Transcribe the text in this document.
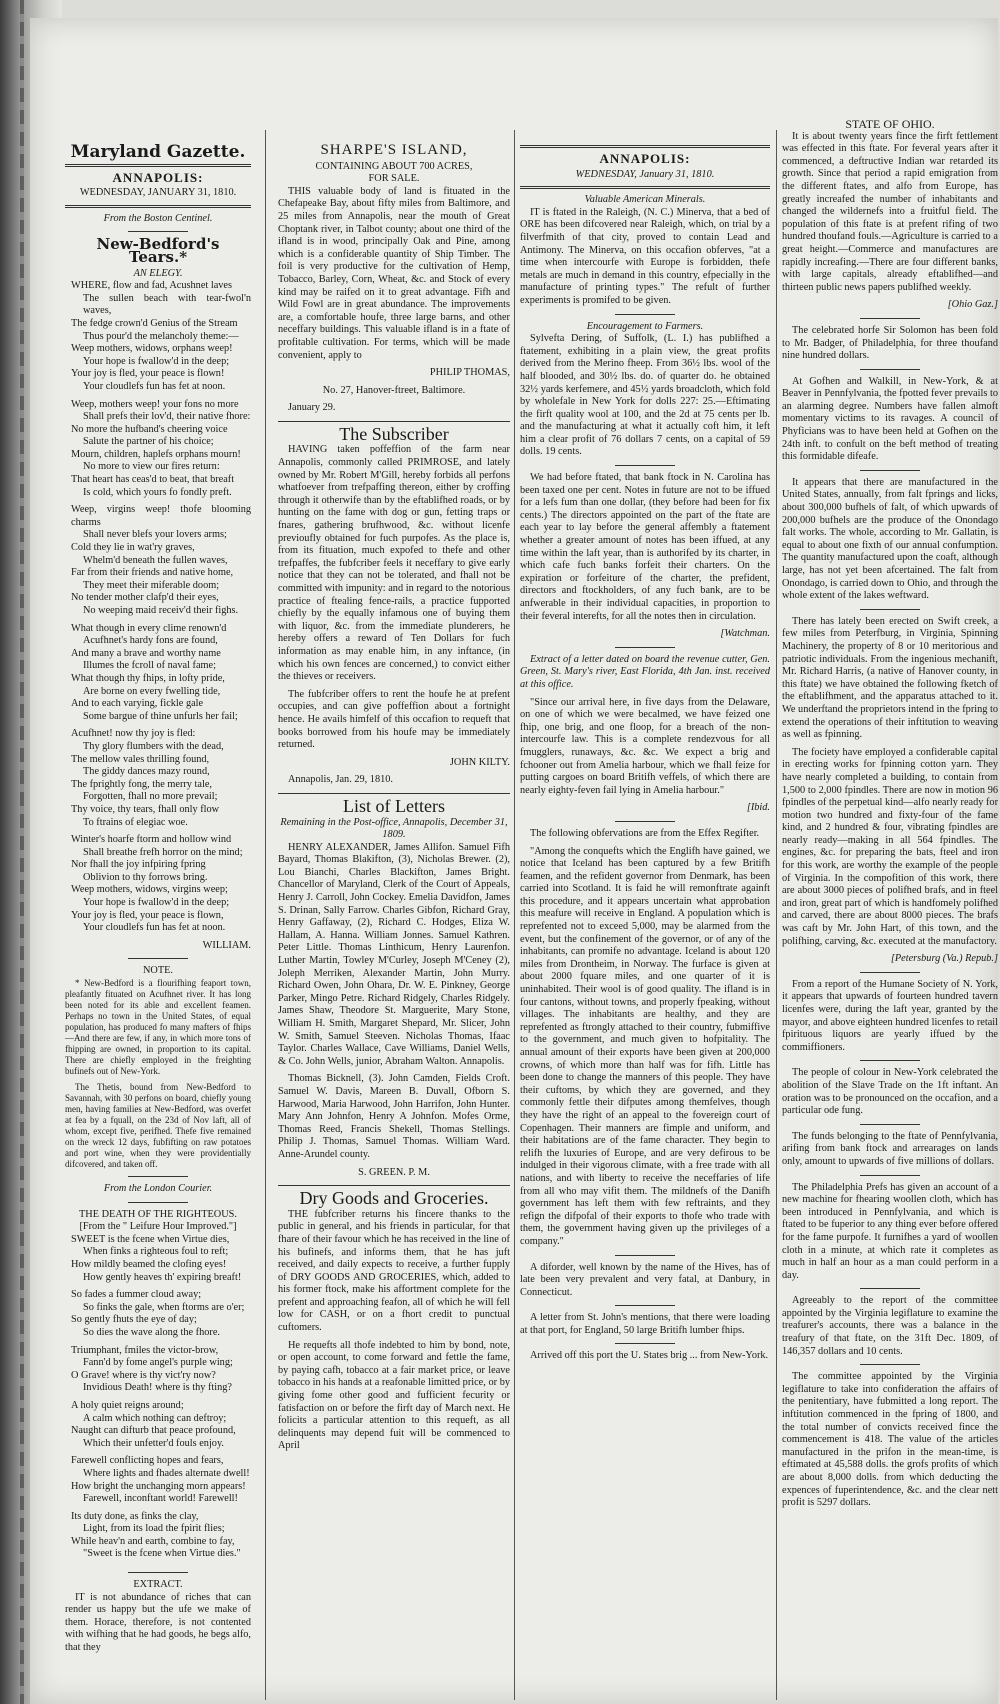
Maryland Gazette.
ANNAPOLIS:
WEDNESDAY, JANUARY 31, 1810.
From the Boston Centinel.
New-Bedford's Tears.*
AN ELEGY.

WHERE, flow and fad, Acushnet laves

The sullen beach with tear-fwol'n waves,

The fedge crown'd Genius of the Stream

Thus pour'd the melancholy theme:—

Weep mothers, widows, orphans weep!

Your hope is fwallow'd in the deep;

Your joy is fled, your peace is flown!

Your cloudlefs fun has fet at noon.

Weep, mothers weep! your fons no more

Shall prefs their lov'd, their native fhore:

No more the hufband's cheering voice

Salute the partner of his choice;

Mourn, children, haplefs orphans mourn!

No more to view our fires return:

That heart has ceas'd to beat, that breaft

Is cold, which yours fo fondly preft.

Weep, virgins weep! thofe blooming charms

Shall never blefs your lovers arms;

Cold they lie in wat'ry graves,

Whelm'd beneath the fullen waves,

Far from their friends and native home,

They meet their miferable doom;

No tender mother clafp'd their eyes,

No weeping maid receiv'd their fighs.

What though in every clime renown'd

Acufhnet's hardy fons are found,

And many a brave and worthy name

Illumes the fcroll of naval fame;

What though thy fhips, in lofty pride,

Are borne on every fwelling tide,

And to each varying, fickle gale

Some bargue of thine unfurls her fail;

Acufhnet! now thy joy is fled:

Thy glory flumbers with the dead,

The mellow vales thrilling found,

The giddy dances mazy round,

The fprightly fong, the merry tale,

Forgotten, fhall no more prevail;

Thy voice, thy tears, fhall only flow

To ftrains of elegiac woe.

Winter's hoarfe ftorm and hollow wind

Shall breathe frefh horror on the mind;

Nor fhall the joy infpiring fpring

Oblivion to thy forrows bring.

Weep mothers, widows, virgins weep;

Your hope is fwallow'd in the deep;

Your joy is fled, your peace is flown,

Your cloudlefs fun has fet at noon.

WILLIAM.

NOTE.

* New-Bedford is a flourifhing feaport town, pleafantly fituated on Acufhnet river. It has long been noted for its able and excellent feamen. Perhaps no town in the United States, of equal population, has produced fo many mafters of fhips—And there are few, if any, in which more tons of fhipping are owned, in proportion to its capital. There are chiefly employed in the freighting bufinefs out of New-York.

The Thetis, bound from New-Bedford to Savannah, with 30 perfons on board, chiefly young men, having families at New-Bedford, was overfet at fea by a fquall, on the 23d of Nov laft, all of whom, except five, perifhed. Thefe five remained on the wreck 12 days, fubfifting on raw potatoes and port wine, when they were providentially difcovered, and taken off.

From the London Courier.
THE DEATH OF THE RIGHTEOUS.
[From the " Leifure Hour Improved."]

SWEET is the fcene when Virtue dies,

When finks a righteous foul to reft;

How mildly beamed the clofing eyes!

How gently heaves th' expiring breaft!

So fades a fummer cloud away;

So finks the gale, when ftorms are o'er;

So gently fhuts the eye of day;

So dies the wave along the fhore.

Triumphant, fmiles the victor-brow,

Fann'd by fome angel's purple wing;

O Grave! where is thy vict'ry now?

Invidious Death! where is thy fting?

A holy quiet reigns around;

A calm which nothing can deftroy;

Naught can difturb that peace profound,

Which their unfetter'd fouls enjoy.

Farewell conflicting hopes and fears,

Where lights and fhades alternate dwell!

How bright the unchanging morn appears!

Farewell, inconftant world! Farewell!

Its duty done, as finks the clay,

Light, from its load the fpirit flies;

While heav'n and earth, combine to fay,

"Sweet is the fcene when Virtue dies."

EXTRACT.

IT is not abundance of riches that can render us happy but the ufe we make of them. Horace, therefore, is not contented with wifhing that he had goods, he begs alfo, that they

SHARPE'S ISLAND,
CONTAINING ABOUT 700 ACRES,
FOR SALE.

THIS valuable body of land is fituated in the Chefapeake Bay, about fifty miles from Baltimore, and 25 miles from Annapolis, near the mouth of Great Choptank river, in Talbot county; about one third of the ifland is in wood, principally Oak and Pine, among which is a confiderable quantity of Ship Timber. The foil is very productive for the cultivation of Hemp, Tobacco, Barley, Corn, Wheat, &c. and Stock of every kind may be raifed on it to great advantage. Fifh and Wild Fowl are in great abundance. The improvements are, a comfortable houfe, three large barns, and other neceffary buildings. This valuable ifland is in a ftate of profitable cultivation. For terms, which will be made convenient, apply to

PHILIP THOMAS,

No. 27, Hanover-ftreet, Baltimore.

January 29.

The Subscriber

HAVING taken poffeffion of the farm near Annapolis, commonly called PRIMROSE, and lately owned by Mr. Robert M'Gill, hereby forbids all perfons whatfoever from trefpaffing thereon, either by croffing through it otherwife than by the eftablifhed roads, or by hunting on the fame with dog or gun, fetting traps or fnares, gathering brufhwood, &c. without licenfe previoufly obtained for fuch purpofes. As the place is, from its fituation, much expofed to thefe and other trefpaffes, the fubfcriber feels it neceffary to give early notice that they can not be tolerated, and fhall not be committed with impunity: and in regard to the notorious practice of ftealing fence-rails, a practice fupported chiefly by the equally infamous one of buying them with liquor, &c. from the immediate plunderers, he hereby offers a reward of Ten Dollars for fuch information as may enable him, in any inftance, (in which his own fences are concerned,) to convict either the thieves or receivers.

The fubfcriber offers to rent the houfe he at prefent occupies, and can give poffeffion about a fortnight hence. He avails himfelf of this occafion to requeft that books borrowed from his houfe may be immediately returned.

JOHN KILTY.

Annapolis, Jan. 29, 1810.

List of Letters
Remaining in the Post-office, Annapolis, December 31, 1809.

HENRY ALEXANDER, James Allifon. Samuel Fifh Bayard, Thomas Blakifton, (3), Nicholas Brewer. (2), Lou Bianchi, Charles Blackifton, James Bright. Chancellor of Maryland, Clerk of the Court of Appeals, Henry J. Carroll, John Cockey. Emelia Davidfon, James S. Drinan, Sally Farrow. Charles Gibfon, Richard Gray, Henry Gaffaway, (2), Richard C. Hodges, Eliza W. Hallam, A. Hanna. William Jonnes. Samuel Kathren. Peter Little. Thomas Linthicum, Henry Laurenfon. Luther Martin, Towley M'Curley, Joseph M'Ceney (2), Joleph Merriken, Alexander Martin, John Murry. Richard Owen, John Ohara, Dr. W. E. Pinkney, George Parker, Mingo Petre. Richard Ridgely, Charles Ridgely. James Shaw, Theodore St. Marguerite, Mary Stone, William H. Smith, Margaret Shepard, Mr. Slicer, John W. Smith, Samuel Steeven. Nicholas Thomas, Ifaac Taylor. Charles Wallace, Cave Williams, Daniel Wells, & Co. John Wells, junior, Abraham Walton. Annapolis.

Thomas Bicknell, (3). John Camden, Fields Croft. Samuel W. Davis, Mareen B. Duvall, Ofborn S. Harwood, Maria Harwood, John Harrifon, John Hunter. Mary Ann Johnfon, Henry A Johnfon. Mofes Orme, Thomas Reed, Francis Shekell, Thomas Stellings. Philip J. Thomas, Samuel Thomas. William Ward. Anne-Arundel county.

S. GREEN. P. M.

Dry Goods and Groceries.

THE fubfcriber returns his fincere thanks to the public in general, and his friends in particular, for that fhare of their favour which he has received in the line of his bufinefs, and informs them, that he has juft received, and daily expects to receive, a further fupply of DRY GOODS AND GROCERIES, which, added to his former ftock, make his affortment complete for the prefent and approaching feafon, all of which he will fell low for CASH, or on a fhort credit to punctual cuftomers.

He requefts all thofe indebted to him by bond, note, or open account, to come forward and fettle the fame, by paying cafh, tobacco at a fair market price, or leave tobacco in his hands at a reafonable limitted price, or by giving fome other good and fufficient fecurity or fatisfaction on or before the firft day of March next. He folicits a particular attention to this requeft, as all delinquents may depend fuit will be commenced to April

ANNAPOLIS:
WEDNESDAY, January 31, 1810.
Valuable American Minerals.

IT is ftated in the Raleigh, (N. C.) Minerva, that a bed of ORE has been difcovered near Raleigh, which, on trial by a filverfmith of that city, proved to contain Lead and Antimony. The Minerva, on this occafion obferves, "at a time when intercourfe with Europe is forbidden, thefe metals are much in demand in this country, efpecially in the manufacture of printing types." The refult of further experiments is promifed to be given.

Encouragement to Farmers.

Sylvefta Dering, of Suffolk, (L. I.) has publifhed a ftatement, exhibiting in a plain view, the great profits derived from the Merino fheep. From 36½ lbs. wool of the half blooded, and 30½ lbs. do. of quarter do. he obtained 32½ yards kerfemere, and 45½ yards broadcloth, which fold by wholefale in New York for dolls 227: 25.—Eftimating the firft quality wool at 100, and the 2d at 75 cents per lb. and the manufacturing at what it actually coft him, it left him a clear profit of 76 dollars 7 cents, on a capital of 59 dolls. 19 cents.

We had before ftated, that bank ftock in N. Carolina has been taxed one per cent. Notes in future are not to be iffued for a lefs fum than one dollar, (they before had been for fix cents.) The directors appointed on the part of the ftate are each year to lay before the general affembly a ftatement whether a greater amount of notes has been iffued, at any time within the laft year, than is authorifed by its charter, in which cafe fuch banks forfeit their charters. On the expiration or forfeiture of the charter, the prefident, directors and ftockholders, of any fuch bank, are to be anfwerable in their individual capacities, in proportion to their feveral interefts, for all the notes then in circulation.

[Watchman.

Extract of a letter dated on board the revenue cutter, Gen. Green, St. Mary's river, East Florida, 4th Jan. inst. received at this office.

"Since our arrival here, in five days from the Delaware, on one of which we were becalmed, we have feized one fhip, one brig, and one floop, for a breach of the non-intercourfe law. This is a complete rendezvous for all fmugglers, runaways, &c. &c. We expect a brig and fchooner out from Amelia harbour, which we fhall feize for putting cargoes on board Britifh veffels, of which there are nearly eighty-feven fail lying in Amelia harbour."

[Ibid.

The following obfervations are from the Effex Regifter.

"Among the conquefts which the Englifh have gained, we notice that Iceland has been captured by a few Britifh feamen, and the refident governor from Denmark, has been carried into Scotland. It is faid he will remonftrate againft this procedure, and it appears uncertain what approbation this meafure will receive in England. A population which is reprefented not to exceed 5,000, may be alarmed from the event, but the confinement of the governor, or of any of the inhabitants, can promife no advantage. Iceland is about 120 miles from Drontheim, in Norway. The furface is given at about 2000 fquare miles, and one quarter of it is uninhabited. Their wool is of good quality. The ifland is in four cantons, without towns, and properly fpeaking, without villages. The inhabitants are healthy, and they are reprefented as ftrongly attached to their country, fubmiffive to the government, and much given to hofpitality. The annual amount of their exports have been given at 200,000 crowns, of which more than half was for fifh. Little has been done to change the manners of this people. They have their cuftoms, by which they are governed, and they commonly fettle their difputes among themfelves, though they have the right of an appeal to the fovereign court of Copenhagen. Their manners are fimple and uniform, and their habitations are of the fame character. They begin to relifh the luxuries of Europe, and are very defirous to be indulged in their vigorous climate, with a free trade with all nations, and with liberty to receive the neceffaries of life from all who may vifit them. The mildnefs of the Danifh government has left them with few reftraints, and they refign the difpofal of their exports to thofe who trade with them, the government having given up the privileges of a company."

A diforder, well known by the name of the Hives, has of late been very prevalent and very fatal, at Danbury, in Connecticut.

A letter from St. John's mentions, that there were loading at that port, for England, 50 large Britifh lumber fhips.

Arrived off this port the U. States brig ... from New-York.

STATE OF OHIO.

It is about twenty years fince the firft fettlement was effected in this ftate. For feveral years after it commenced, a deftructive Indian war retarded its growth. Since that period a rapid emigration from the different ftates, and alfo from Europe, has greatly increafed the number of inhabitants and changed the wildernefs into a fruitful field. The population of this ftate is at prefent rifing of two hundred thoufand fouls.—Agriculture is carried to a great height.—Commerce and manufactures are rapidly increafing.—There are four different banks, with large capitals, already eftablifhed—and thirteen public news papers publifhed weekly.

[Ohio Gaz.]

The celebrated horfe Sir Solomon has been fold to Mr. Badger, of Philadelphia, for three thoufand nine hundred dollars.

At Gofhen and Walkill, in New-York, & at Beaver in Pennfylvania, the fpotted fever prevails to an alarming degree. Numbers have fallen almoft momentary victims to its ravages. A council of Phyficians was to have been held at Gofhen on the 24th inft. to confult on the beft method of treating this formidable difeafe.

It appears that there are manufactured in the United States, annually, from falt fprings and licks, about 300,000 bufhels of falt, of which upwards of 200,000 bufhels are the produce of the Onondago falt works. The whole, according to Mr. Gallatin, is equal to about one fixth of our annual confumption. The quantity manufactured upon the coaft, although large, has not yet been afcertained. The falt from Onondago, is carried down to Ohio, and through the whole extent of the lakes weftward.

There has lately been erected on Swift creek, a few miles from Peterfburg, in Virginia, Spinning Machinery, the property of 8 or 10 meritorious and patriotic individuals. From the ingenious mechanift, Mr. Richard Harris, (a native of Hanover county, in this ftate) we have obtained the following fketch of the eftablifhment, and the apparatus attached to it. We underftand the proprietors intend in the fpring to extend the operations of their inftitution to weaving as well as fpinning.

The fociety have employed a confiderable capital in erecting works for fpinning cotton yarn. They have nearly completed a building, to contain from 1,500 to 2,000 fpindles. There are now in motion 96 fpindles of the perpetual kind—alfo nearly ready for motion two hundred and fixty-four of the fame kind, and 2 hundred & four, vibrating fpindles are nearly ready—making in all 564 fpindles. The engines, &c. for preparing the bats, fteel and iron for this work, are worthy the example of the people of Virginia. In the compofition of this work, there are about 3000 pieces of polifhed brafs, and in fteel and iron, great part of which is handfomely polifhed and carved, there are about 8000 pieces. The brafs was caft by Mr. John Hart, of this town, and the polifhing, carving, &c. executed at the manufactory.

[Petersburg (Va.) Repub.]

From a report of the Humane Society of N. York, it appears that upwards of fourteen hundred tavern licenfes were, during the laft year, granted by the mayor, and above eighteen hundred licenfes to retail fpirituous liquors are yearly iffued by the commiffioners.

The people of colour in New-York celebrated the abolition of the Slave Trade on the 1ft inftant. An oration was to be pronounced on the occafion, and a particular ode fung.

The funds belonging to the ftate of Pennfylvania, arifing from bank ftock and arrearages on lands only, amount to upwards of five millions of dollars.

The Philadelphia Prefs has given an account of a new machine for fhearing woollen cloth, which has been introduced in Pennfylvania, and which is ftated to be fuperior to any thing ever before offered for the fame purpofe. It furnifhes a yard of woollen cloth in a minute, at which rate it completes as much in half an hour as a man could perform in a day.

Agreeably to the report of the committee appointed by the Virginia legiflature to examine the treafurer's accounts, there was a balance in the treafury of that ftate, on the 31ft Dec. 1809, of 146,357 dollars and 10 cents.

The committee appointed by the Virginia legiflature to take into confideration the affairs of the penitentiary, have fubmitted a long report. The inftitution commenced in the fpring of 1800, and the total number of convicts received fince the commencement is 418. The value of the articles manufactured in the prifon in the mean-time, is eftimated at 45,588 dolls. the grofs profits of which are about 8,000 dolls. from which deducting the expences of fuperintendence, &c. and the clear nett profit is 5297 dollars.
